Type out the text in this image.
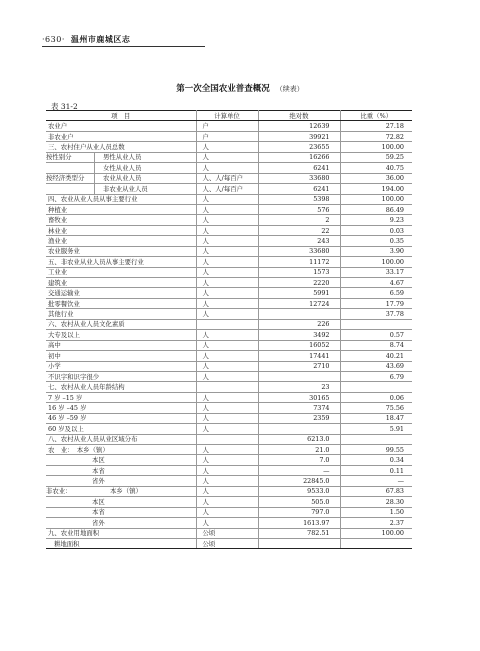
·630· 温州市鹿城区志
第一次全国农业普查概况 （续表）
表 31-2
项　目	计算单位	绝对数	比重（%）
农业户	户	12639	27.18
非农业户	户	39921	72.82
三、农村住户从业人员总数	人	23655	100.00

按性别分 男性从业人员	人	16266	59.25

女性从业人员	人	6241	40.75

按经济类型分 农业从业人员	人、人/每百户	33680	36.00

非农业从业人员	人、人/每百户	6241	194.00
四、农业从业人员从事主要行业	人	5398	100.00
种植业	人	576	86.49
畜牧业	人	2	9.23
林业业	人	22	0.03
渔业业	人	243	0.35
农业服务业	人	33680	3.90
五、非农业从业人员从事主要行业	人	11172	100.00
工业业	人	1573	33.17
建筑业	人	2220	4.67
交通运输业	人	5991	6.59
批零餐饮业	人	12724	17.79
其他行业	人		37.78
六、农村从业人员文化素质		226	
大专及以上	人	3492	0.57
高中	人	16052	8.74
初中	人	17441	40.21
小学	人	2710	43.69
不识字和识字很少	人		6.79
七、农村从业人员年龄结构		23	
7 岁 –15 岁	人	30165	0.06
16 岁 –45 岁	人	7374	75.56
46 岁 –59 岁	人	2359	18.47
60 岁及以上	人		5.91
八、农村从业人员从业区域分布		6213.0	
农　业：　本乡（镇）	人	21.0	99.55
本区	人	7.0	0.34
本省	人	—	0.11
省外	人	22845.0	—

非农业： 本乡（镇）	人	9533.0	67.83
本区	人	505.0	28.30
本省	人	797.0	1.50
省外	人	1613.97	2.37
九、农业用地面积	公顷	782.51	100.00
耕地面积	公顷		
